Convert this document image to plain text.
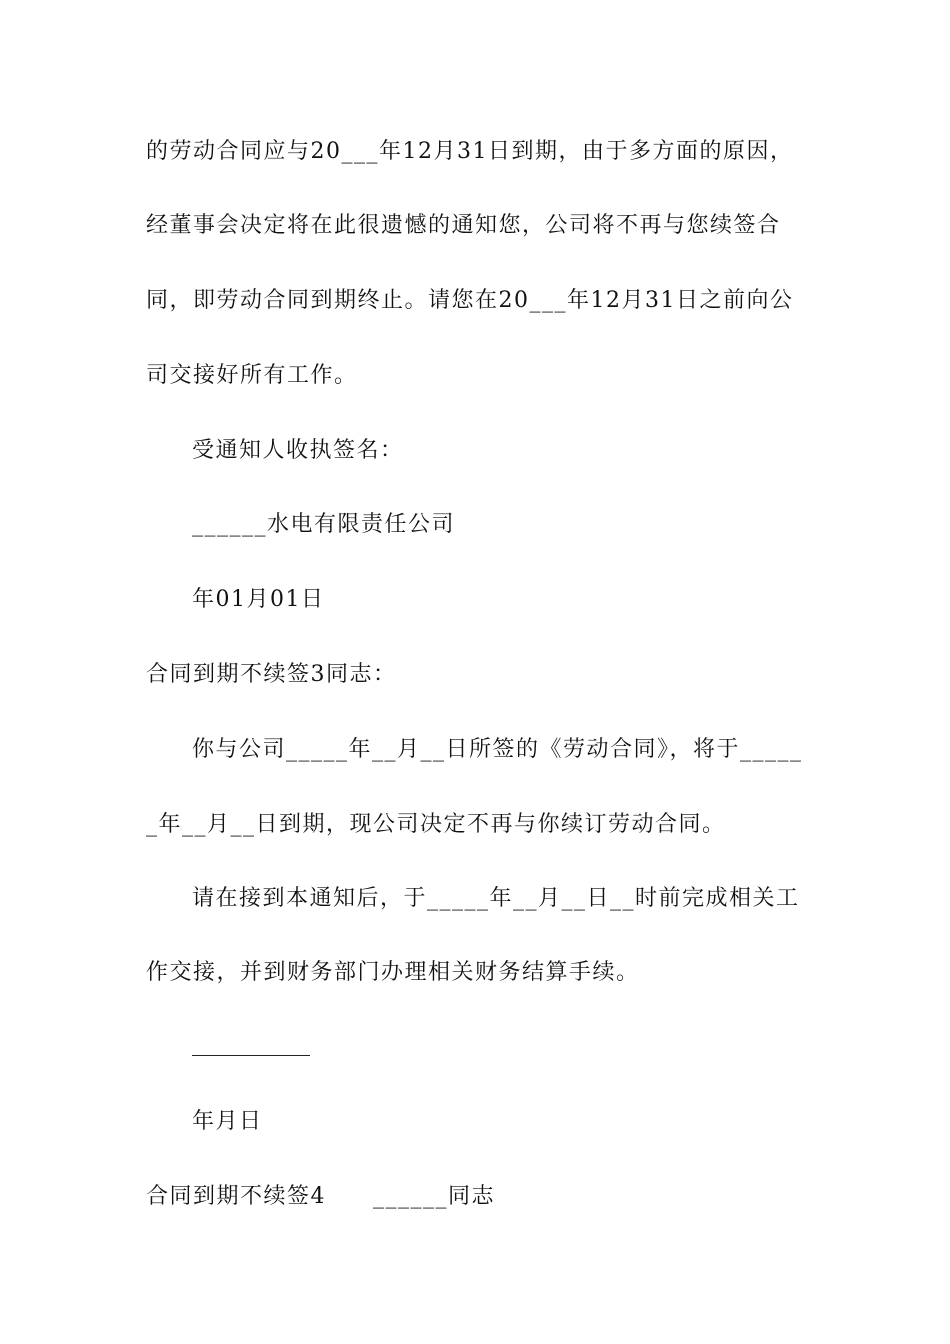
的劳动合同应与20___年12月31日到期，由于多方面的原因，
经董事会决定将在此很遗憾的通知您，公司将不再与您续签合
同，即劳动合同到期终止。请您在20___年12月31日之前向公
司交接好所有工作。
受通知人收执签名：
______水电有限责任公司
年01月01日
合同到期不续签3同志：
你与公司_____年__月__日所签的《劳动合同》，将于_____
_年__月__日到期，现公司决定不再与你续订劳动合同。
请在接到本通知后，于_____年__月__日__时前完成相关工
作交接，并到财务部门办理相关财务结算手续。
年月日
合同到期不续签4　　______同志
